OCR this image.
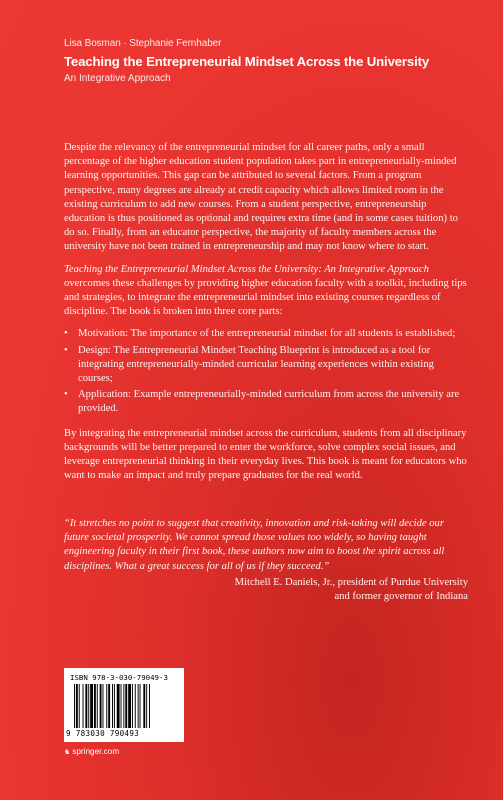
Lisa Bosman · Stephanie Fernhaber
Teaching the Entrepreneurial Mindset Across the University
An Integrative Approach

Despite the relevancy of the entrepreneurial mindset for all career paths, only a small percentage of the higher education student population takes part in entrepreneurially-minded learning opportunities. This gap can be attributed to several factors. From a program perspective, many degrees are already at credit capacity which allows limited room in the existing curriculum to add new courses. From a student perspective, entrepreneurship education is thus positioned as optional and requires extra time (and in some cases tuition) to do so. Finally, from an educator perspective, the majority of faculty members across the university have not been trained in entrepreneurship and may not know where to start.

Teaching the Entrepreneurial Mindset Across the University: An Integrative Approach overcomes these challenges by providing higher education faculty with a toolkit, including tips and strategies, to integrate the entrepreneurial mindset into existing courses regardless of discipline. The book is broken into three core parts:

• Motivation: The importance of the entrepreneurial mindset for all students is established;
• Design: The Entrepreneurial Mindset Teaching Blueprint is introduced as a tool for integrating entrepreneurially-minded curricular learning experiences within existing courses;
• Application: Example entrepreneurially-minded curriculum from across the university are provided.

By integrating the entrepreneurial mindset across the curriculum, students from all disciplinary backgrounds will be better prepared to enter the workforce, solve complex social issues, and leverage entrepreneurial thinking in their everyday lives. This book is meant for educators who want to make an impact and truly prepare graduates for the real world.

“It stretches no point to suggest that creativity, innovation and risk-taking will decide our future societal prosperity. We cannot spread those values too widely, so having taught engineering faculty in their first book, these authors now aim to boost the spirit across all disciplines. What a great success for all of us if they succeed.”

Mitchell E. Daniels, Jr., president of Purdue University
and former governor of Indiana

ISBN 978-3-030-79049-3
9 783030 790493
♞ springer.com
